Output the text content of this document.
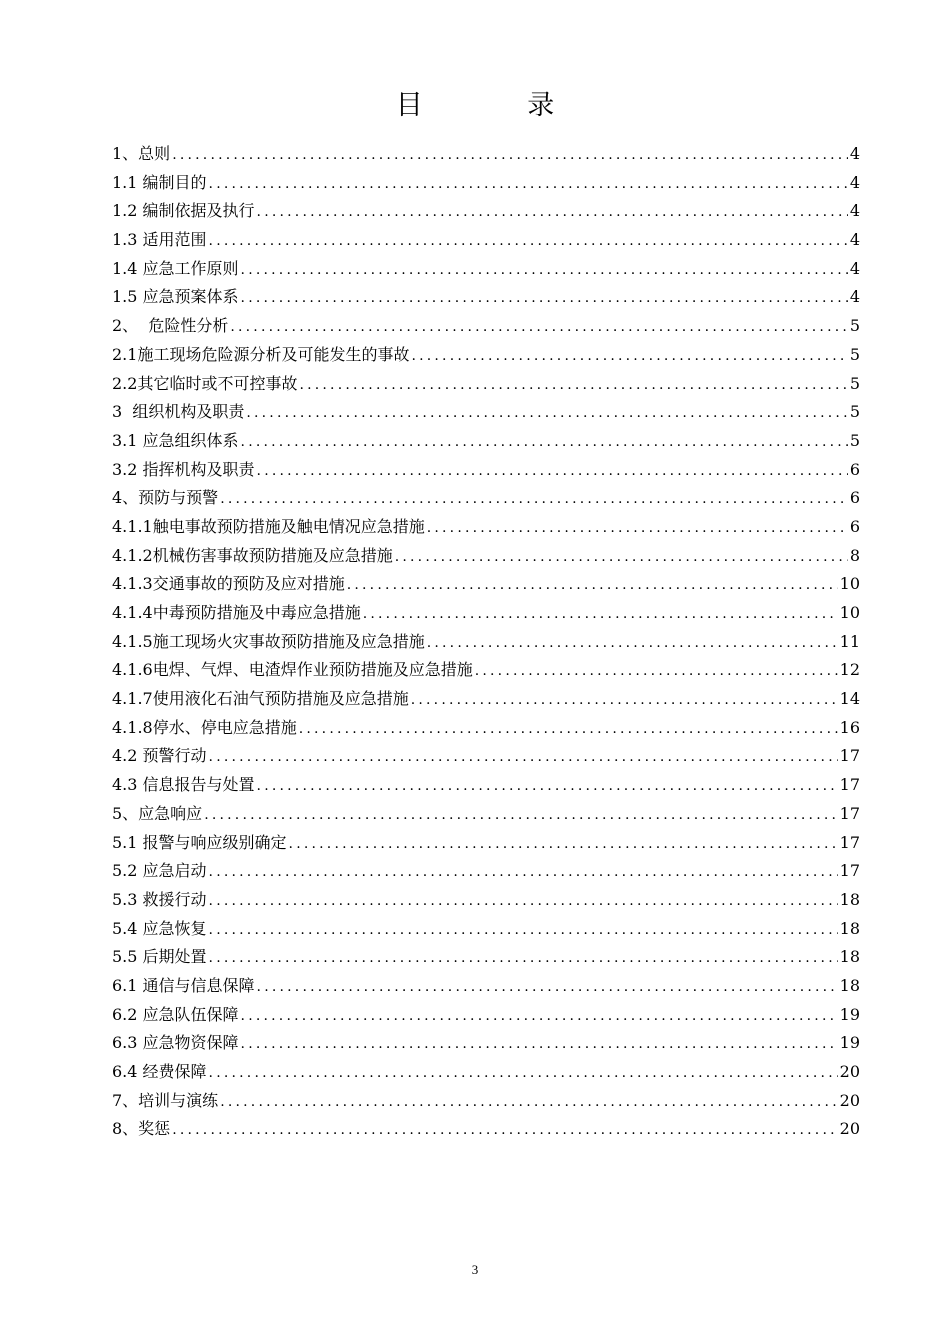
目 录
1、总则 .....	4
1.1 编制目的 .....	4
1.2 编制依据及执行 .....	4
1.3 适用范围 .....	4
1.4 应急工作原则 .....	4
1.5 应急预案体系 .....	4
2、  危险性分析 .....	5
2.1施工现场危险源分析及可能发生的事故 .....	5
2.2其它临时或不可控事故 .....	5
3  组织机构及职责 .....	5
3.1 应急组织体系 .....	5
3.2 指挥机构及职责 .....	6
4、预防与预警 .....	6
4.1.1触电事故预防措施及触电情况应急措施 .....	6
4.1.2机械伤害事故预防措施及应急措施 .....	8
4.1.3交通事故的预防及应对措施 .....	10
4.1.4中毒预防措施及中毒应急措施 .....	10
4.1.5施工现场火灾事故预防措施及应急措施 .....	11
4.1.6电焊、气焊、电渣焊作业预防措施及应急措施 .....	12
4.1.7使用液化石油气预防措施及应急措施 .....	14
4.1.8停水、停电应急措施 .....	16
4.2 预警行动 .....	17
4.3 信息报告与处置 .....	17
5、应急响应 .....	17
5.1 报警与响应级别确定 .....	17
5.2 应急启动 .....	17
5.3 救援行动 .....	18
5.4 应急恢复 .....	18
5.5 后期处置 .....	18
6.1 通信与信息保障 .....	18
6.2 应急队伍保障 .....	19
6.3 应急物资保障 .....	19
6.4 经费保障 .....	20
7、培训与演练 .....	20
8、奖惩 .....	20
3
